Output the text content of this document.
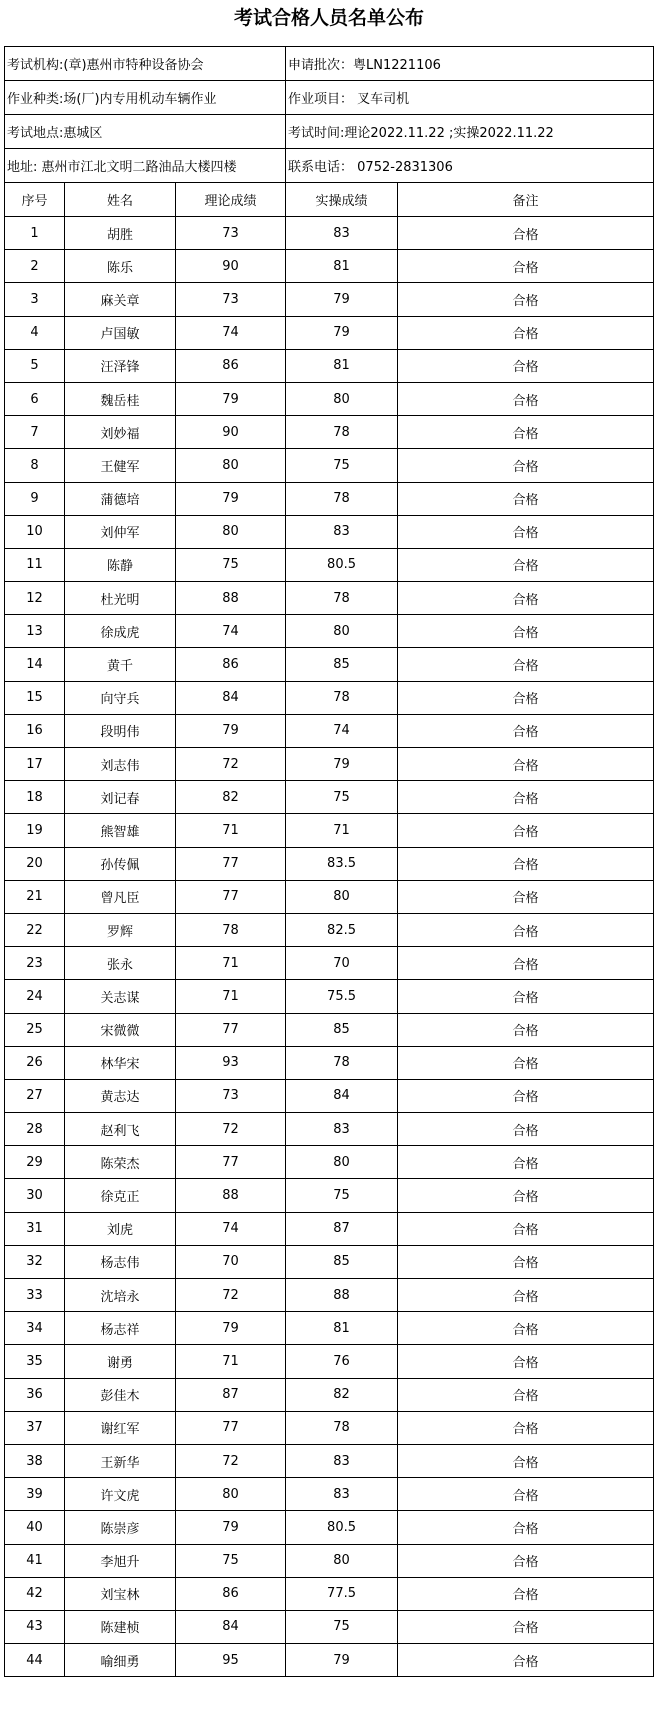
考试合格人员名单公布
考试机构:(章)惠州市特种设备协会			申请批次：粤LN1221106	
作业种类:场(厂)内专用机动车辆作业			作业项目： 叉车司机	
考试地点:惠城区			考试时间:理论2022.11.22 ;实操2022.11.22	
地址: 惠州市江北文明二路油品大楼四楼			联系电话： 0752-2831306	
序号	姓名	理论成绩	实操成绩	备注
1	胡胜	73	83	合格
2	陈乐	90	81	合格
3	麻关章	73	79	合格
4	卢国敏	74	79	合格
5	汪泽锋	86	81	合格
6	魏岳桂	79	80	合格
7	刘妙福	90	78	合格
8	王健军	80	75	合格
9	蒲德培	79	78	合格
10	刘仲军	80	83	合格
11	陈静	75	80.5	合格
12	杜光明	88	78	合格
13	徐成虎	74	80	合格
14	黄千	86	85	合格
15	向守兵	84	78	合格
16	段明伟	79	74	合格
17	刘志伟	72	79	合格
18	刘记春	82	75	合格
19	熊智雄	71	71	合格
20	孙传佩	77	83.5	合格
21	曾凡臣	77	80	合格
22	罗辉	78	82.5	合格
23	张永	71	70	合格
24	关志谋	71	75.5	合格
25	宋微微	77	85	合格
26	林华宋	93	78	合格
27	黄志达	73	84	合格
28	赵利飞	72	83	合格
29	陈荣杰	77	80	合格
30	徐克正	88	75	合格
31	刘虎	74	87	合格
32	杨志伟	70	85	合格
33	沈培永	72	88	合格
34	杨志祥	79	81	合格
35	谢勇	71	76	合格
36	彭佳木	87	82	合格
37	谢红军	77	78	合格
38	王新华	72	83	合格
39	许文虎	80	83	合格
40	陈崇彦	79	80.5	合格
41	李旭升	75	80	合格
42	刘宝林	86	77.5	合格
43	陈建桢	84	75	合格
44	喻细勇	95	79	合格
